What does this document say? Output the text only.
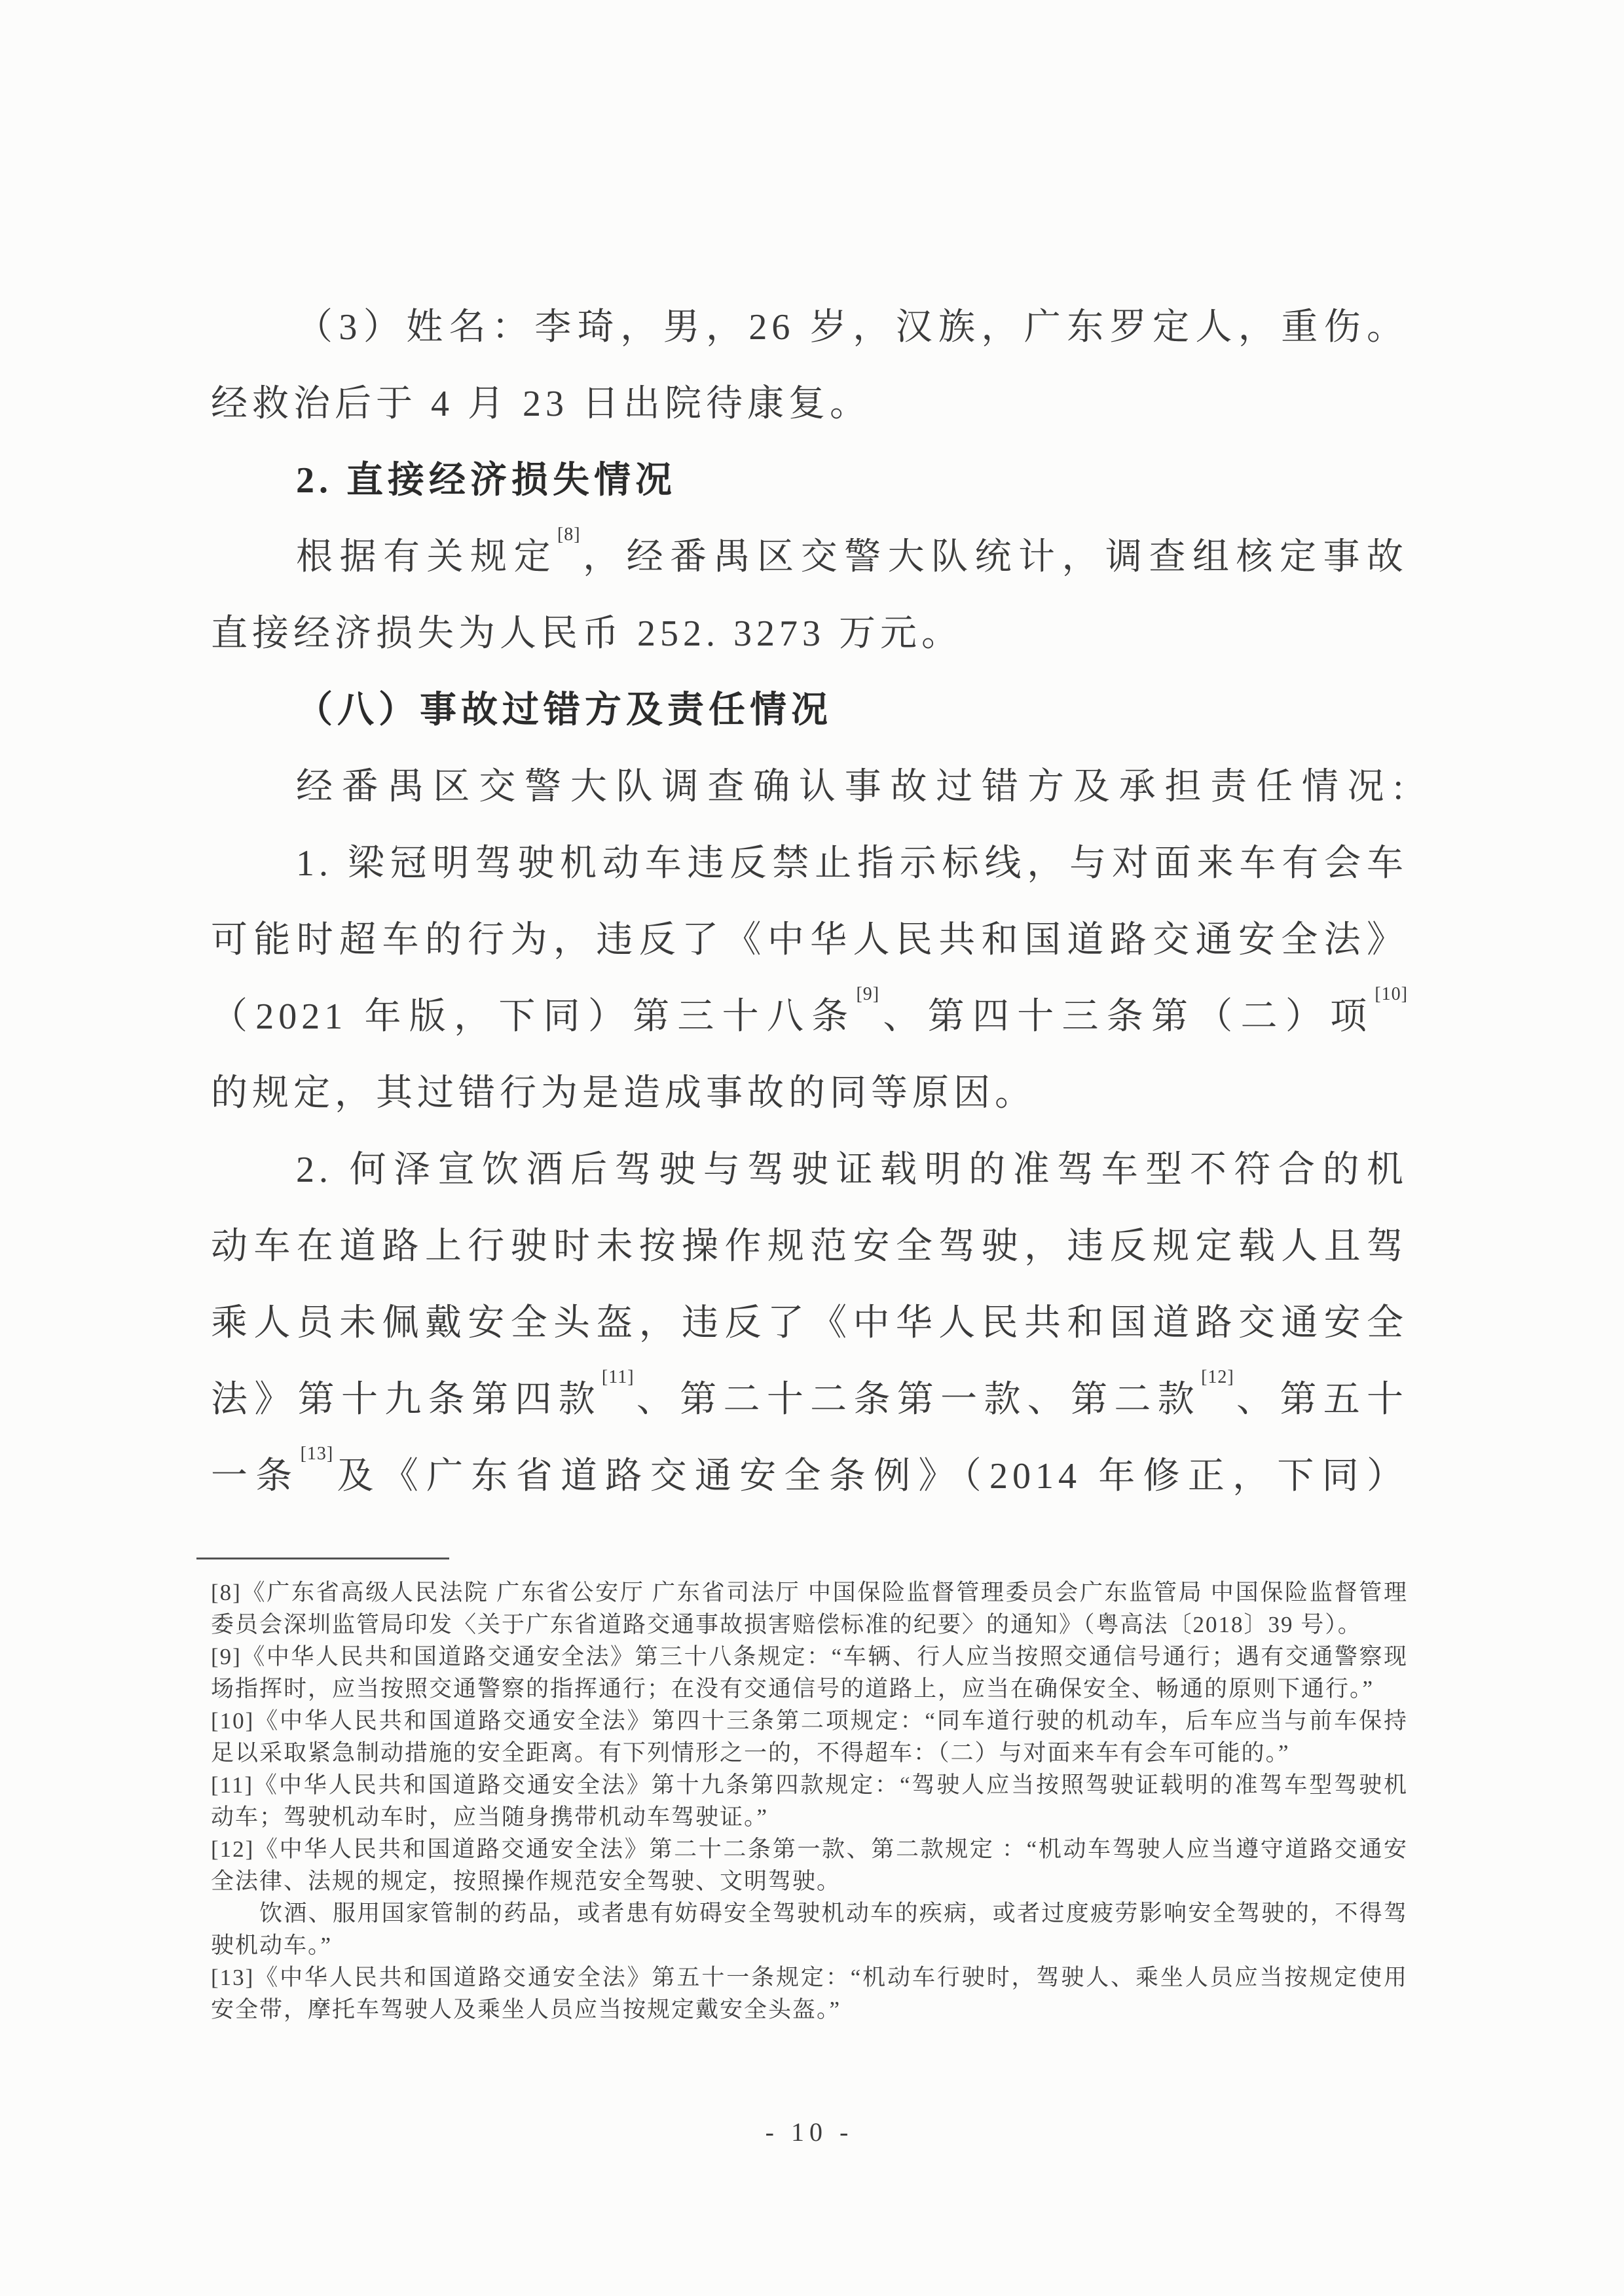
（3）姓名：李琦，男，26 岁，汉族，广东罗定人，重伤。
经救治后于 4 月 23 日出院待康复。
2. 直接经济损失情况
根据有关规定[8]，经番禺区交警大队统计，调查组核定事故
直接经济损失为人民币 252. 3273 万元。
（八）事故过错方及责任情况
经番禺区交警大队调查确认事故过错方及承担责任情况:
1. 梁冠明驾驶机动车违反禁止指示标线，与对面来车有会车
可能时超车的行为，违反了《中华人民共和国道路交通安全法》
（2021 年版，下同）第三十八条[9]、第四十三条第（二）项[10]
的规定，其过错行为是造成事故的同等原因。
2. 何泽宣饮酒后驾驶与驾驶证载明的准驾车型不符合的机
动车在道路上行驶时未按操作规范安全驾驶，违反规定载人且驾
乘人员未佩戴安全头盔，违反了《中华人民共和国道路交通安全
法》第十九条第四款[11]、第二十二条第一款、第二款[12]、第五十
一条[13]及《广东省道路交通安全条例》（2014 年修正，下同）
[8]《广东省高级人民法院 广东省公安厅 广东省司法厅 中国保险监督管理委员会广东监管局 中国保险监督管理
委员会深圳监管局印发〈关于广东省道路交通事故损害赔偿标准的纪要〉的通知》（粤高法〔2018〕39 号）。
[9]《中华人民共和国道路交通安全法》第三十八条规定：“车辆、行人应当按照交通信号通行；遇有交通警察现
场指挥时，应当按照交通警察的指挥通行；在没有交通信号的道路上，应当在确保安全、畅通的原则下通行。”
[10]《中华人民共和国道路交通安全法》第四十三条第二项规定：“同车道行驶的机动车，后车应当与前车保持
足以采取紧急制动措施的安全距离。有下列情形之一的，不得超车：（二）与对面来车有会车可能的。”
[11]《中华人民共和国道路交通安全法》第十九条第四款规定：“驾驶人应当按照驾驶证载明的准驾车型驾驶机
动车；驾驶机动车时，应当随身携带机动车驾驶证。”
[12]《中华人民共和国道路交通安全法》第二十二条第一款、第二款规定 ：“机动车驾驶人应当遵守道路交通安
全法律、法规的规定，按照操作规范安全驾驶、文明驾驶。
饮酒、服用国家管制的药品，或者患有妨碍安全驾驶机动车的疾病，或者过度疲劳影响安全驾驶的，不得驾
驶机动车。”
[13]《中华人民共和国道路交通安全法》第五十一条规定：“机动车行驶时，驾驶人、乘坐人员应当按规定使用
安全带，摩托车驾驶人及乘坐人员应当按规定戴安全头盔。”
- 10 -
